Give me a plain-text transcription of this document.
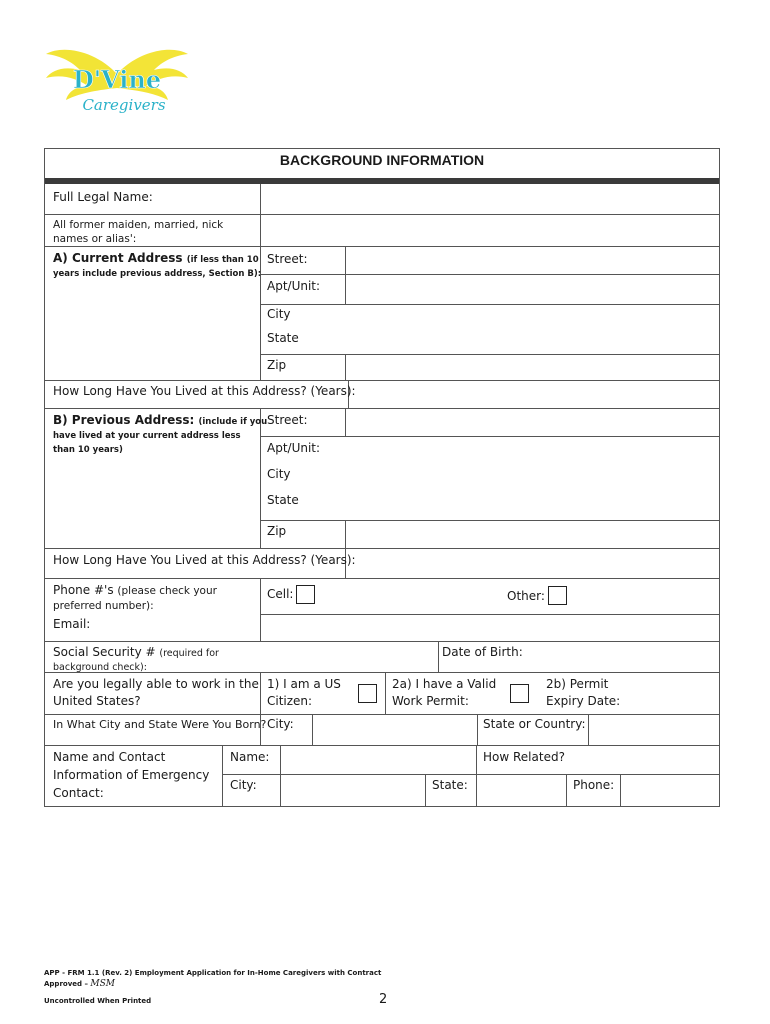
D'Vine
Caregivers
BACKGROUND INFORMATION
Full Legal Name:
All former maiden, married, nick
names or alias':
A) Current Address (if less than 10
years include previous address, Section B):
Street:
Apt/Unit:
City
State
Zip
How Long Have You Lived at this Address? (Years):
B) Previous Address: (include if you
have lived at your current address less
than 10 years)
Street:
Apt/Unit:
City
State
Zip
How Long Have You Lived at this Address? (Years):
Phone #'s (please check your
preferred number):
Cell:	Other:
Email:
Social Security # (required for
background check):
Date of Birth:
Are you legally able to work in the
United States?
1) I am a US
Citizen:
2a) I have a Valid
Work Permit:
2b) Permit
Expiry Date:
In What City and State Were You Born? City:	State or Country:
Name and Contact
Information of Emergency
Contact:
Name:	How Related?
City:	State:	Phone:
APP - FRM 1.1 (Rev. 2) Employment Application for In-Home Caregivers with Contract
Approved – MSM
Uncontrolled When Printed	2
